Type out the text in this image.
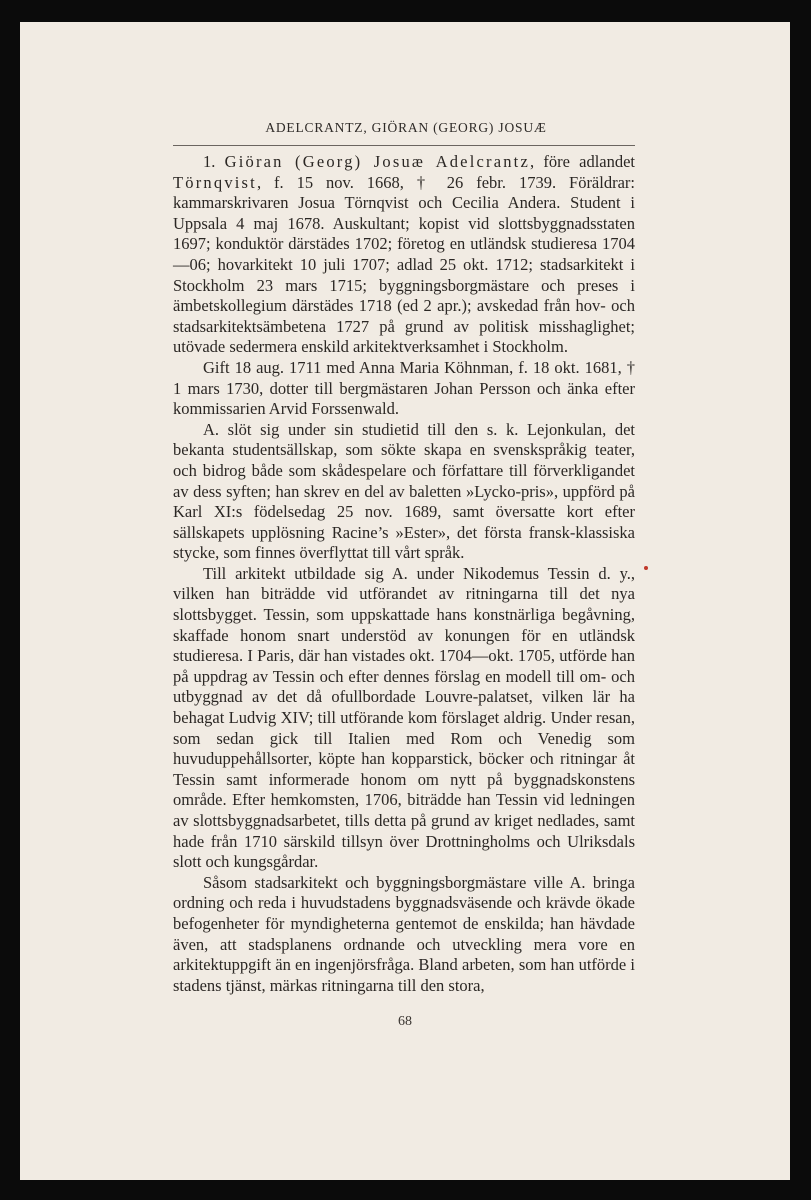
ADELCRANTZ, GIÖRAN (GEORG) JOSUÆ

1. Giöran (Georg) Josuæ Adelcrantz, före adlandet Törnqvist, f. 15 nov. 1668, † 26 febr. 1739. Föräldrar: kammarskrivaren Josua Törnqvist och Cecilia Andera. Student i Uppsala 4 maj 1678. Auskultant; kopist vid slottsbyggnadsstaten 1697; konduktör därstädes 1702; företog en utländsk studieresa 1704—06; hovarkitekt 10 juli 1707; adlad 25 okt. 1712; stadsarkitekt i Stockholm 23 mars 1715; byggningsborgmästare och preses i ämbetskollegium därstädes 1718 (ed 2 apr.); avskedad från hov- och stadsarkitektsämbetena 1727 på grund av politisk misshaglighet; utövade sedermera enskild arkitektverksamhet i Stockholm.

Gift 18 aug. 1711 med Anna Maria Köhnman, f. 18 okt. 1681, † 1 mars 1730, dotter till bergmästaren Johan Persson och änka efter kommissarien Arvid Forssenwald.

A. slöt sig under sin studietid till den s. k. Lejonkulan, det bekanta studentsällskap, som sökte skapa en svenskspråkig teater, och bidrog både som skådespelare och författare till förverkligandet av dess syften; han skrev en del av baletten »Lycko-pris», uppförd på Karl XI:s födelsedag 25 nov. 1689, samt översatte kort efter sällskapets upplösning Racine’s »Ester», det första fransk-klassiska stycke, som finnes överflyttat till vårt språk.

Till arkitekt utbildade sig A. under Nikodemus Tessin d. y., vilken han biträdde vid utförandet av ritningarna till det nya slottsbygget. Tessin, som uppskattade hans konstnärliga begåvning, skaffade honom snart understöd av konungen för en utländsk studieresa. I Paris, där han vistades okt. 1704—okt. 1705, utförde han på uppdrag av Tessin och efter dennes förslag en modell till om- och utbyggnad av det då ofullbordade Louvre-palatset, vilken lär ha behagat Ludvig XIV; till utförande kom förslaget aldrig. Under resan, som sedan gick till Italien med Rom och Venedig som huvuduppehållsorter, köpte han kopparstick, böcker och ritningar åt Tessin samt informerade honom om nytt på byggnadskonstens område. Efter hemkomsten, 1706, biträdde han Tessin vid ledningen av slottsbyggnadsarbetet, tills detta på grund av kriget nedlades, samt hade från 1710 särskild tillsyn över Drottningholms och Ulriksdals slott och kungsgårdar.

Såsom stadsarkitekt och byggningsborgmästare ville A. bringa ordning och reda i huvudstadens byggnadsväsende och krävde ökade befogenheter för myndigheterna gentemot de enskilda; han hävdade även, att stadsplanens ordnande och utveckling mera vore en arkitektuppgift än en ingenjörsfråga. Bland arbeten, som han utförde i stadens tjänst, märkas ritningarna till den stora,

68
